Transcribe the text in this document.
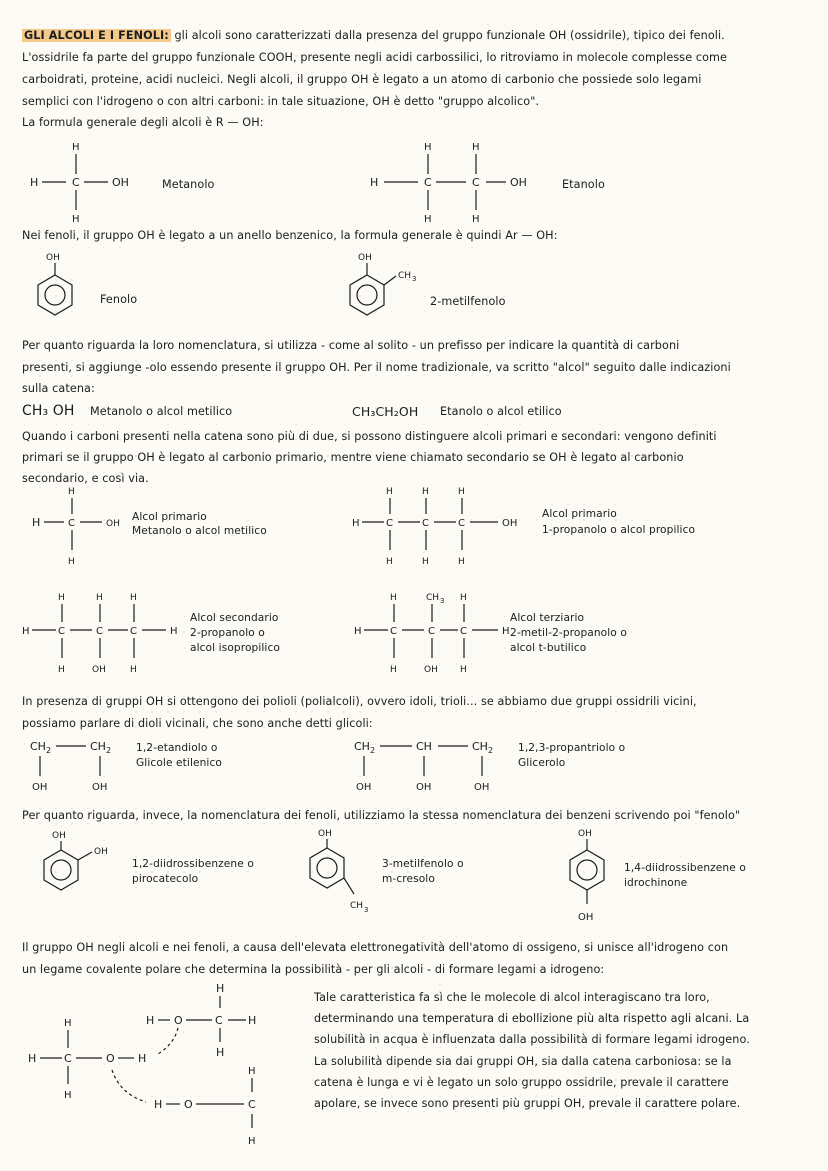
GLI ALCOLI E I FENOLI: gli alcoli sono caratterizzati dalla presenza del gruppo funzionale OH (ossidrile), tipico dei fenoli.
L'ossidrile fa parte del gruppo funzionale COOH, presente negli acidi carbossilici, lo ritroviamo in molecole complesse come
carboidrati, proteine, acidi nucleici. Negli alcoli, il gruppo OH è legato a un atomo di carbonio che possiede solo legami
semplici con l'idrogeno o con altri carboni: in tale situazione, OH è detto "gruppo alcolico".
La formula generale degli alcoli è R — OH:
H
H	C	OH
H
Metanolo
H	H
H	C	C	OH
H	H
Etanolo
Nei fenoli, il gruppo OH è legato a un anello benzenico, la formula generale è quindi Ar — OH:
OH
Fenolo
OH
CH 3
2-metilfenolo
Per quanto riguarda la loro nomenclatura, si utilizza - come al solito - un prefisso per indicare la quantità di carboni
presenti, si aggiunge -olo essendo presente il gruppo OH. Per il nome tradizionale, va scritto "alcol" seguito dalle indicazioni
sulla catena:
CH₃ OH Metanolo o alcol metilico	CH₃CH₂OH Etanolo o alcol etilico
Quando i carboni presenti nella catena sono più di due, si possono distinguere alcoli primari e secondari: vengono definiti
primari se il gruppo OH è legato al carbonio primario, mentre viene chiamato secondario se OH è legato al carbonio
secondario, e così via.
H
H	C	OH
H
Alcol primario
Metanolo o alcol metilico
H	H	H
H	C	C	C	OH
H	H	H
Alcol primario
1-propanolo o alcol propilico
H	H	H
H	C	C	C	H
H	OH	H
Alcol secondario
2-propanolo o
alcol isopropilico
H	CH 3 H
H	C	C	C	H
H	OH H
Alcol terziario
2-metil-2-propanolo o
alcol t-butilico
In presenza di gruppi OH si ottengono dei polioli (polialcoli), ovvero idoli, trioli... se abbiamo due gruppi ossidrili vicini,
possiamo parlare di dioli vicinali, che sono anche detti glicoli:
CH 2	CH 2
OH	OH
1,2-etandiolo o
Glicole etilenico
CH 2	CH	CH 2
OH	OH	OH
1,2,3-propantriolo o
Glicerolo
Per quanto riguarda, invece, la nomenclatura dei fenoli, utilizziamo la stessa nomenclatura dei benzeni scrivendo poi "fenolo"
OH
OH
1,2-diidrossibenzene o
pirocatecolo
OH
CH 3
3-metilfenolo o
m-cresolo
OH
OH
1,4-diidrossibenzene o
idrochinone
Il gruppo OH negli alcoli e nei fenoli, a causa dell'elevata elettronegatività dell'atomo di ossigeno, si unisce all'idrogeno con
un legame covalente polare che determina la possibilità - per gli alcoli - di formare legami a idrogeno:
H
H O	C H
H
H
H	C	O H
H
H
H O	C
H
Tale caratteristica fa sì che le molecole di alcol interagiscano tra loro,
determinando una temperatura di ebollizione più alta rispetto agli alcani. La
solubilità in acqua è influenzata dalla possibilità di formare legami idrogeno.
La solubilità dipende sia dai gruppi OH, sia dalla catena carboniosa: se la
catena è lunga e vi è legato un solo gruppo ossidrile, prevale il carattere
apolare, se invece sono presenti più gruppi OH, prevale il carattere polare.
